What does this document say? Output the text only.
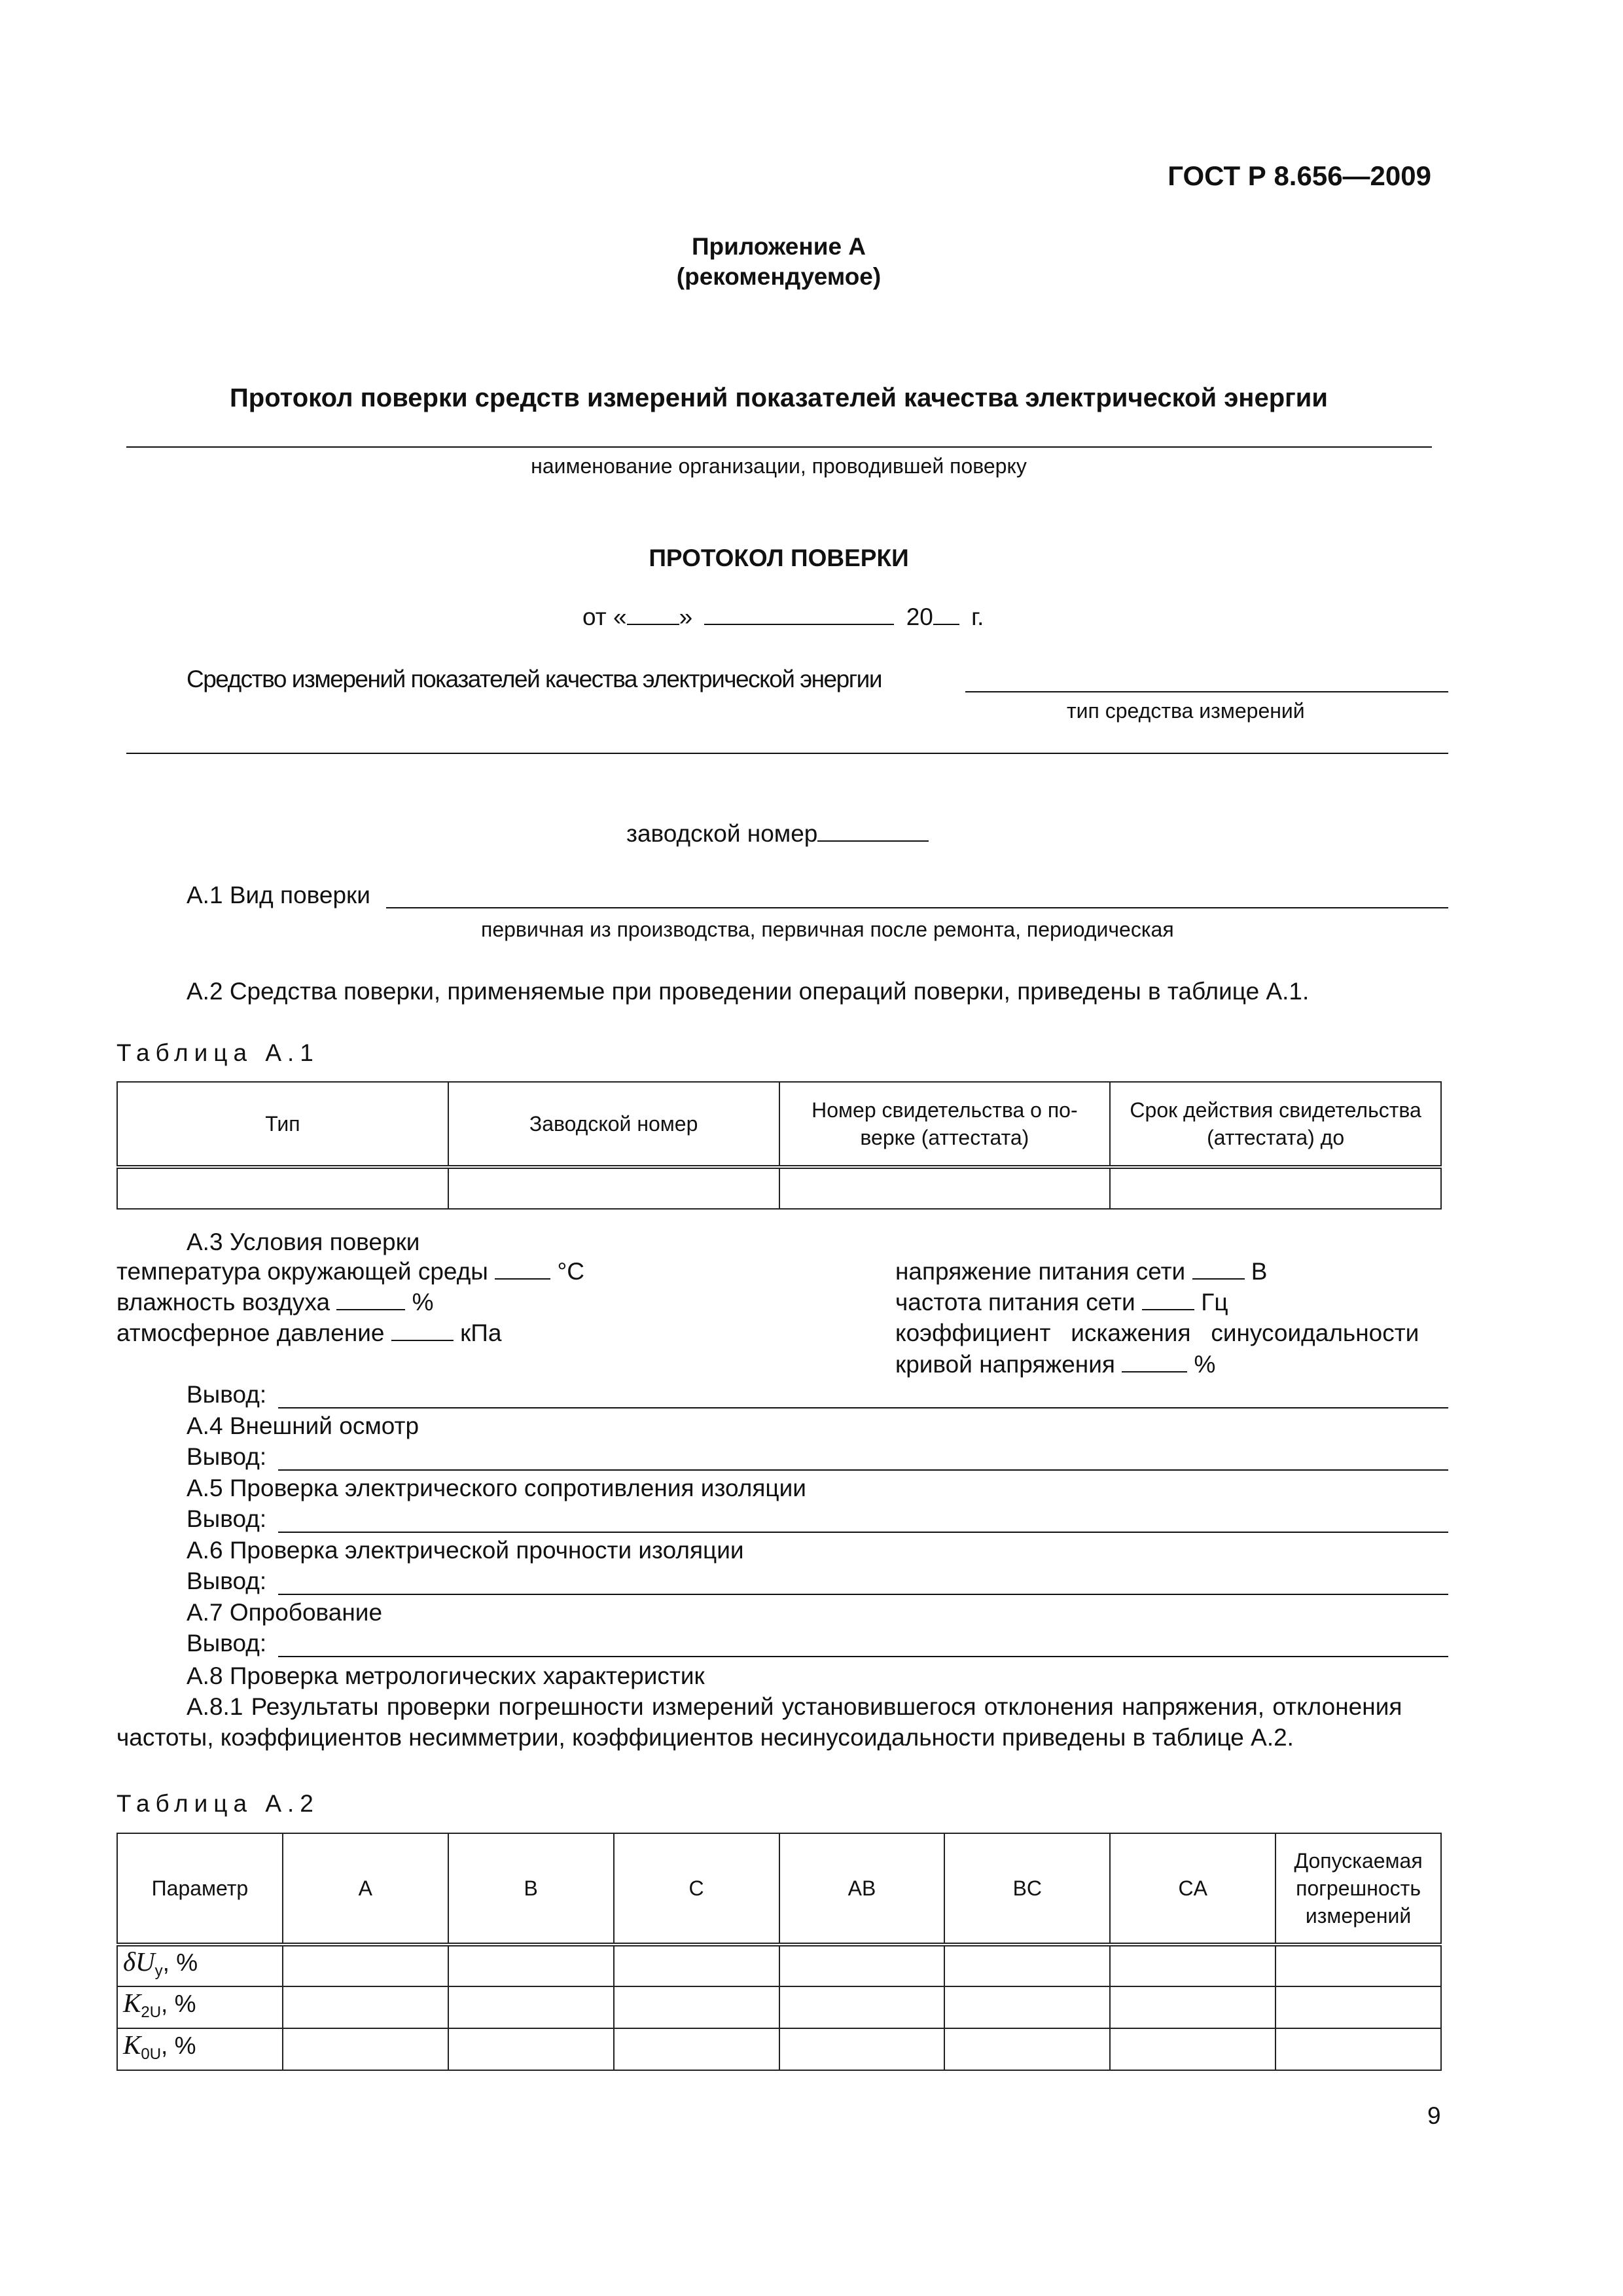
ГОСТ Р 8.656—2009
Приложение А
(рекомендуемое)
Протокол поверки средств измерений показателей качества электрической энергии
наименование организации, проводившей поверку
ПРОТОКОЛ ПОВЕРКИ
от « »	20 г.
Средство измерений показателей качества электрической энергии
тип средства измерений
заводской номер
А.1 Вид поверки
первичная из производства, первичная после ремонта, периодическая
А.2 Средства поверки, применяемые при проведении операций поверки, приведены в таблице А.1.
Таблица А.1
Тип	Заводской номер	Номер свидетельства о по-верке (аттестата)	Срок действия свидетельства (аттестата) до

А.3 Условия поверки
температура окружающей среды	°С
влажность воздуха	%
атмосферное давление	кПа
напряжение питания сети	В
частота питания сети	Гц
коэффициент   искажения   синусоидальности
кривой напряжения	%
Вывод:
А.4 Внешний осмотр
Вывод:
А.5 Проверка электрического сопротивления изоляции
Вывод:
А.6 Проверка электрической прочности изоляции
Вывод:
А.7 Опробование
Вывод:
А.8 Проверка метрологических характеристик
А.8.1 Результаты проверки погрешности измерений установившегося отклонения напряжения, отклонения
частоты, коэффициентов несимметрии, коэффициентов несинусоидальности приведены в таблице А.2.
Таблица А.2
Параметр	A	B	C	AB	BC	CA	Допускаемая погрешность измерений
$\delta U_у$, %							
$K_{2U}$, %							
$K_{0U}$, %							
9
